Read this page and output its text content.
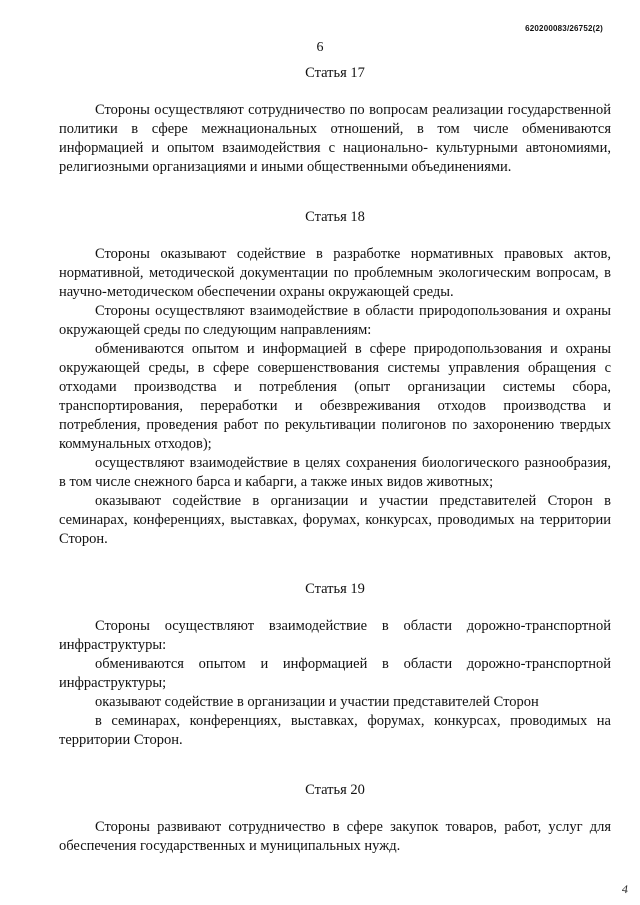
620200083/26752(2)
6
Статья 17

Стороны осуществляют сотрудничество по вопросам реализации государственной политики в сфере межнациональных отношений, в том числе обмениваются информацией и опытом взаимодействия с национально- культурными автономиями, религиозными организациями и иными общественными объединениями.

Статья 18

Стороны оказывают содействие в разработке нормативных правовых актов, нормативной, методической документации по проблемным экологическим вопросам, в научно-методическом обеспечении охраны окружающей среды.

Стороны осуществляют взаимодействие в области природопользования и охраны окружающей среды по следующим направлениям:

обмениваются опытом и информацией в сфере природопользования и охраны окружающей среды, в сфере совершенствования системы управления обращения с отходами производства и потребления (опыт организации системы сбора, транспортирования, переработки и обезвреживания отходов производства и потребления, проведения работ по рекультивации полигонов по захоронению твердых коммунальных отходов);

осуществляют взаимодействие в целях сохранения биологического разнообразия, в том числе снежного барса и кабарги, а также иных видов животных;

оказывают содействие в организации и участии представителей Сторон в семинарах, конференциях, выставках, форумах, конкурсах, проводимых на территории Сторон.

Статья 19

Стороны осуществляют взаимодействие в области дорожно-транспортной инфраструктуры:

обмениваются опытом и информацией в области дорожно-транспортной инфраструктуры;

оказывают содействие в организации и участии представителей Сторон

в семинарах, конференциях, выставках, форумах, конкурсах, проводимых на территории Сторон.

Статья 20

Стороны развивают сотрудничество в сфере закупок товаров, работ, услуг для обеспечения государственных и муниципальных нужд.

4
